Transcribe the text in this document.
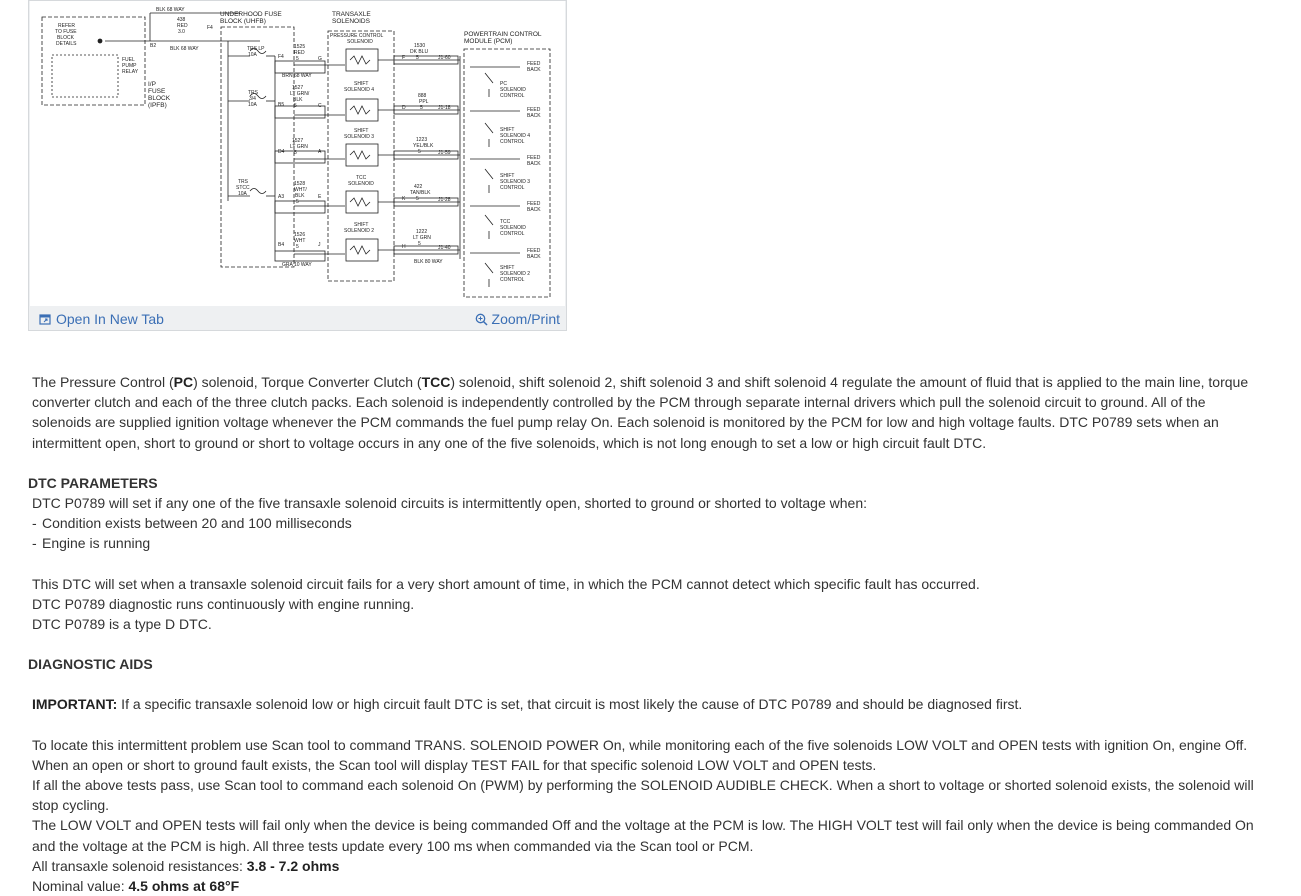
BLK 68 WAY
438
RED
3.0
REFER
TO FUSE
BLOCK
DETAILS
FUEL
PUMP
RELAY
B2	BLK 68 WAY
F4
TRS LP
10A	F4
1525
RED
5	G
BRN 68 WAY
TRS
3/4
10A	B5
1527
LT GRN/
BLK
5	C
D4
1527
LT GRN
5	A
TRS
STCC
10A	A3
1528
WHT/
BLK
5
E
B4
1526
WHT
5	J
GRA 10 WAY
PRESSURE CONTROL
SOLENOID
SHIFT
SOLENOID 4
SHIFT
SOLENOID 3
TCC
SOLENOID
SHIFT
SOLENOID 2
1530
DK BLU
5
F	J1-60
888
PPL
5
D	J1-18
1223
YEL/BLK
5	J1-59
422
TAN/BLK
5
K	J1-28
1222
LT GRN
5
H	J1-40
BLK 80 WAY
FEED
BACK
FEED
BACK
FEED
BACK
FEED
BACK
FEED
BACK
PC
SOLENOID
CONTROL
SHIFT
SOLENOID 4
CONTROL
SHIFT
SOLENOID 3
CONTROL
TCC
SOLENOID
CONTROL
SHIFT
SOLENOID 2
CONTROL
I/P
FUSE
BLOCK
(IPFB)
UNDERHOOD FUSE
BLOCK (UHFB)
TRANSAXLE
SOLENOIDS
POWERTRAIN CONTROL
MODULE (PCM)
Open In New Tab	Zoom/Print

The Pressure Control (PC) solenoid, Torque Converter Clutch (TCC) solenoid, shift solenoid 2, shift solenoid 3 and shift solenoid 4 regulate the amount of fluid that is applied to the main line, torque converter clutch and each of the three clutch packs. Each solenoid is independently controlled by the PCM through separate internal drivers which pull the solenoid circuit to ground. All of the solenoids are supplied ignition voltage whenever the PCM commands the fuel pump relay On. Each solenoid is monitored by the PCM for low and high voltage faults. DTC P0789 sets when an intermittent open, short to ground or short to voltage occurs in any one of the five solenoids, which is not long enough to set a low or high circuit fault DTC.

DTC PARAMETERS

DTC P0789 will set if any one of the five transaxle solenoid circuits is intermittently open, shorted to ground or shorted to voltage when:

- Condition exists between 20 and 100 milliseconds

- Engine is running

This DTC will set when a transaxle solenoid circuit fails for a very short amount of time, in which the PCM cannot detect which specific fault has occurred.

DTC P0789 diagnostic runs continuously with engine running.

DTC P0789 is a type D DTC.

DIAGNOSTIC AIDS

IMPORTANT: If a specific transaxle solenoid low or high circuit fault DTC is set, that circuit is most likely the cause of DTC P0789 and should be diagnosed first.

To locate this intermittent problem use Scan tool to command TRANS. SOLENOID POWER On, while monitoring each of the five solenoids LOW VOLT and OPEN tests with ignition On, engine Off.

When an open or short to ground fault exists, the Scan tool will display TEST FAIL for that specific solenoid LOW VOLT and OPEN tests.

If all the above tests pass, use Scan tool to command each solenoid On (PWM) by performing the SOLENOID AUDIBLE CHECK. When a short to voltage or shorted solenoid exists, the solenoid will stop cycling.

The LOW VOLT and OPEN tests will fail only when the device is being commanded Off and the voltage at the PCM is low. The HIGH VOLT test will fail only when the device is being commanded On and the voltage at the PCM is high. All three tests update every 100 ms when commanded via the Scan tool or PCM.

All transaxle solenoid resistances: 3.8 - 7.2 ohms

Nominal value: 4.5 ohms at 68°F
